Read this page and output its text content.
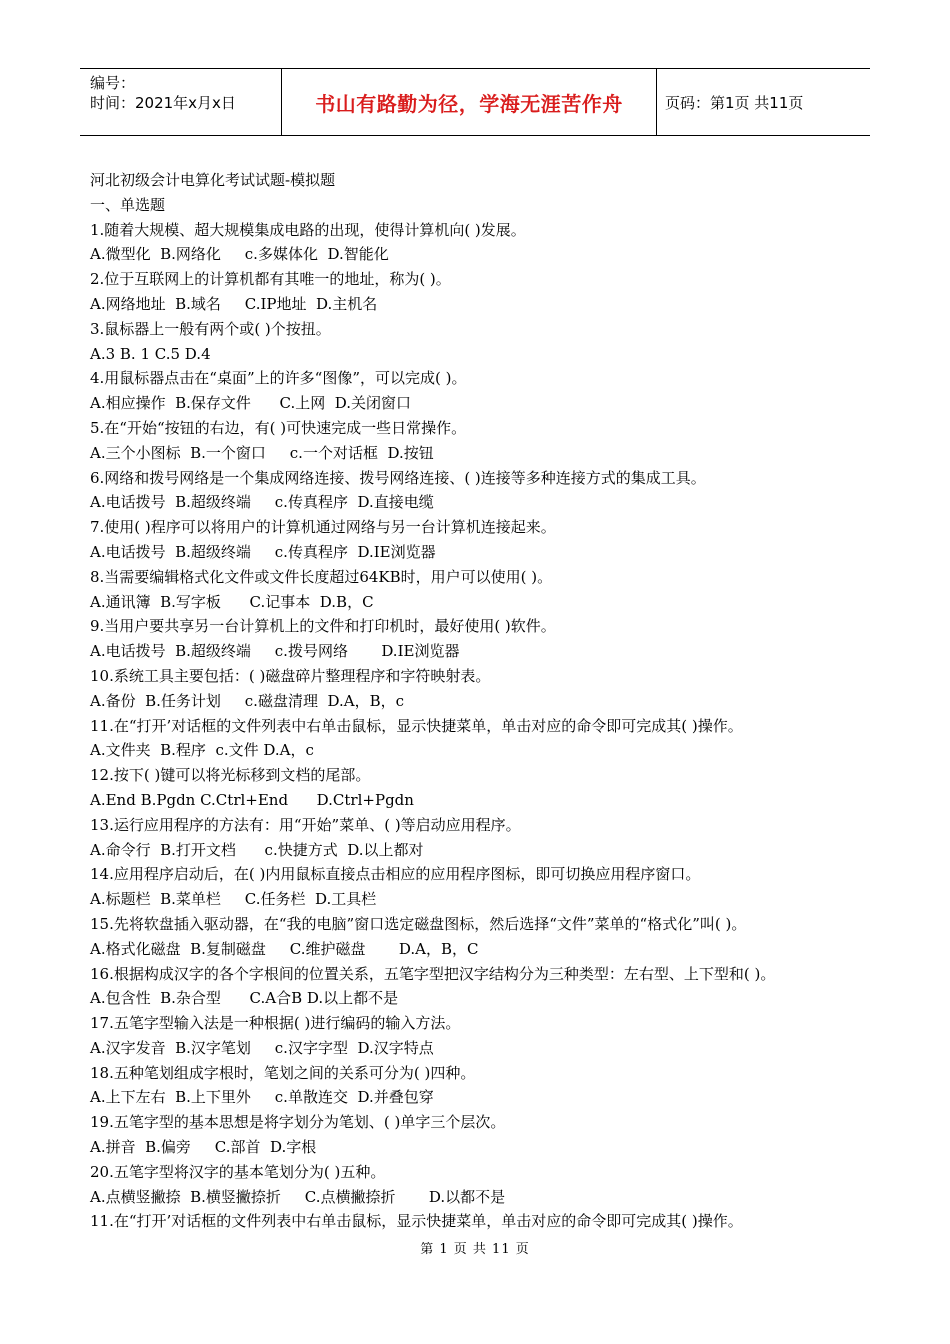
编号：
时间：2021年x月x日	书山有路勤为径，学海无涯苦作舟	页码：第1页 共11页
河北初级会计电算化考试试题-模拟题
一、单选题
1.随着大规模、超大规模集成电路的出现，使得计算机向( )发展。
A.微型化  B.网络化     c.多媒体化  D.智能化
2.位于互联网上的计算机都有其唯一的地址，称为( )。
A.网络地址  B.域名     C.IP地址  D.主机名
3.鼠标器上一般有两个或( )个按扭。
A.3 B. 1 C.5 D.4
4.用鼠标器点击在“桌面”上的许多“图像”，可以完成( )。
A.相应操作  B.保存文件      C.上网  D.关闭窗口
5.在“开始“按钮的右边，有( )可快速完成一些日常操作。
A.三个小图标  B.一个窗口     c.一个对话框  D.按钮
6.网络和拨号网络是一个集成网络连接、拨号网络连接、( )连接等多种连接方式的集成工具。
A.电话拨号  B.超级终端     c.传真程序  D.直接电缆
7.使用( )程序可以将用户的计算机通过网络与另一台计算机连接起来。
A.电话拨号  B.超级终端     c.传真程序  D.IE浏览器
8.当需要编辑格式化文件或文件长度超过64KB时，用户可以使用( )。
A.通讯簿  B.写字板      C.记事本  D.B，C
9.当用户要共享另一台计算机上的文件和打印机时，最好使用( )软件。
A.电话拨号  B.超级终端     c.拨号网络       D.IE浏览器
10.系统工具主要包括：( )磁盘碎片整理程序和字符映射表。
A.备份  B.任务计划     c.磁盘清理  D.A，B，c
11.在“打开’对话框的文件列表中右单击鼠标，显示快捷菜单，单击对应的命令即可完成其( )操作。
A.文件夹  B.程序  c.文件 D.A，c
12.按下( )键可以将光标移到文档的尾部。
A.End B.Pgdn C.Ctrl+End      D.Ctrl+Pgdn
13.运行应用程序的方法有：用“开始”菜单、( )等启动应用程序。
A.命令行  B.打开文档      c.快捷方式  D.以上都对
14.应用程序启动后，在( )内用鼠标直接点击相应的应用程序图标，即可切换应用程序窗口。
A.标题栏  B.菜单栏     C.任务栏  D.工具栏
15.先将软盘插入驱动器，在“我的电脑”窗口选定磁盘图标，然后选择“文件”菜单的“格式化”叫( )。
A.格式化磁盘  B.复制磁盘     C.维护磁盘       D.A，B，C
16.根据构成汉字的各个字根间的位置关系，五笔字型把汉字结构分为三种类型：左右型、上下型和( )。
A.包含性  B.杂合型      C.A合B D.以上都不是
17.五笔字型输入法是一种根据( )进行编码的输入方法。
A.汉字发音  B.汉字笔划     c.汉字字型  D.汉字特点
18.五种笔划组成字根时，笔划之间的关系可分为( )四种。
A.上下左右  B.上下里外     c.单散连交  D.并叠包穿
19.五笔字型的基本思想是将字划分为笔划、( )单字三个层次。
A.拼音  B.偏旁     C.部首  D.字根
20.五笔字型将汉字的基本笔划分为( )五种。
A.点横竖撇捺  B.横竖撇捺折     C.点横撇捺折       D.以都不是
11.在“打开’对话框的文件列表中右单击鼠标，显示快捷菜单，单击对应的命令即可完成其( )操作。
第 1 页 共 11 页
